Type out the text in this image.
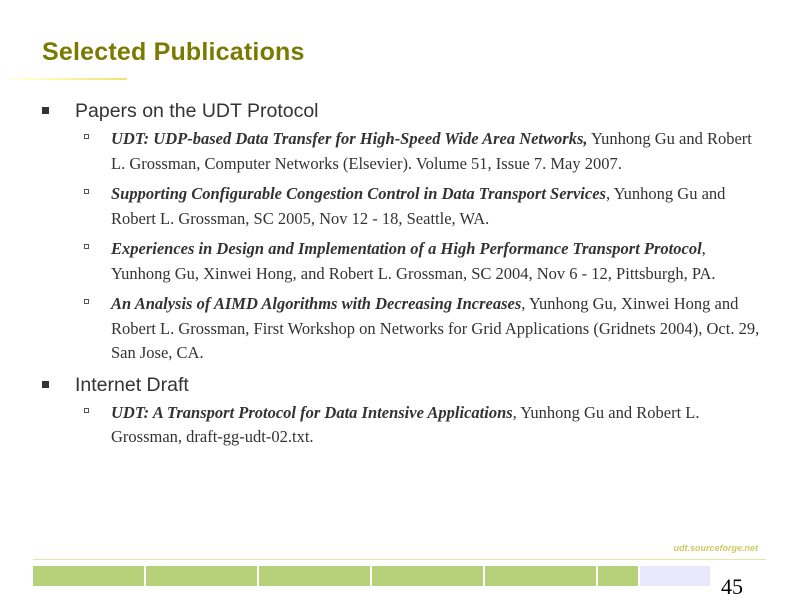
Selected Publications
Papers on the UDT Protocol
UDT: UDP-based Data Transfer for High-Speed Wide Area Networks, Yunhong Gu and Robert L. Grossman, Computer Networks (Elsevier). Volume 51, Issue 7. May 2007.
Supporting Configurable Congestion Control in Data Transport Services, Yunhong Gu and Robert L. Grossman, SC 2005, Nov 12 - 18, Seattle, WA.
Experiences in Design and Implementation of a High Performance Transport Protocol, Yunhong Gu, Xinwei Hong, and Robert L. Grossman, SC 2004, Nov 6 - 12, Pittsburgh, PA.
An Analysis of AIMD Algorithms with Decreasing Increases, Yunhong Gu, Xinwei Hong and Robert L. Grossman, First Workshop on Networks for Grid Applications (Gridnets 2004), Oct. 29, San Jose, CA.
Internet Draft
UDT: A Transport Protocol for Data Intensive Applications, Yunhong Gu and Robert L. Grossman, draft-gg-udt-02.txt.
udt.sourceforge.net
45
